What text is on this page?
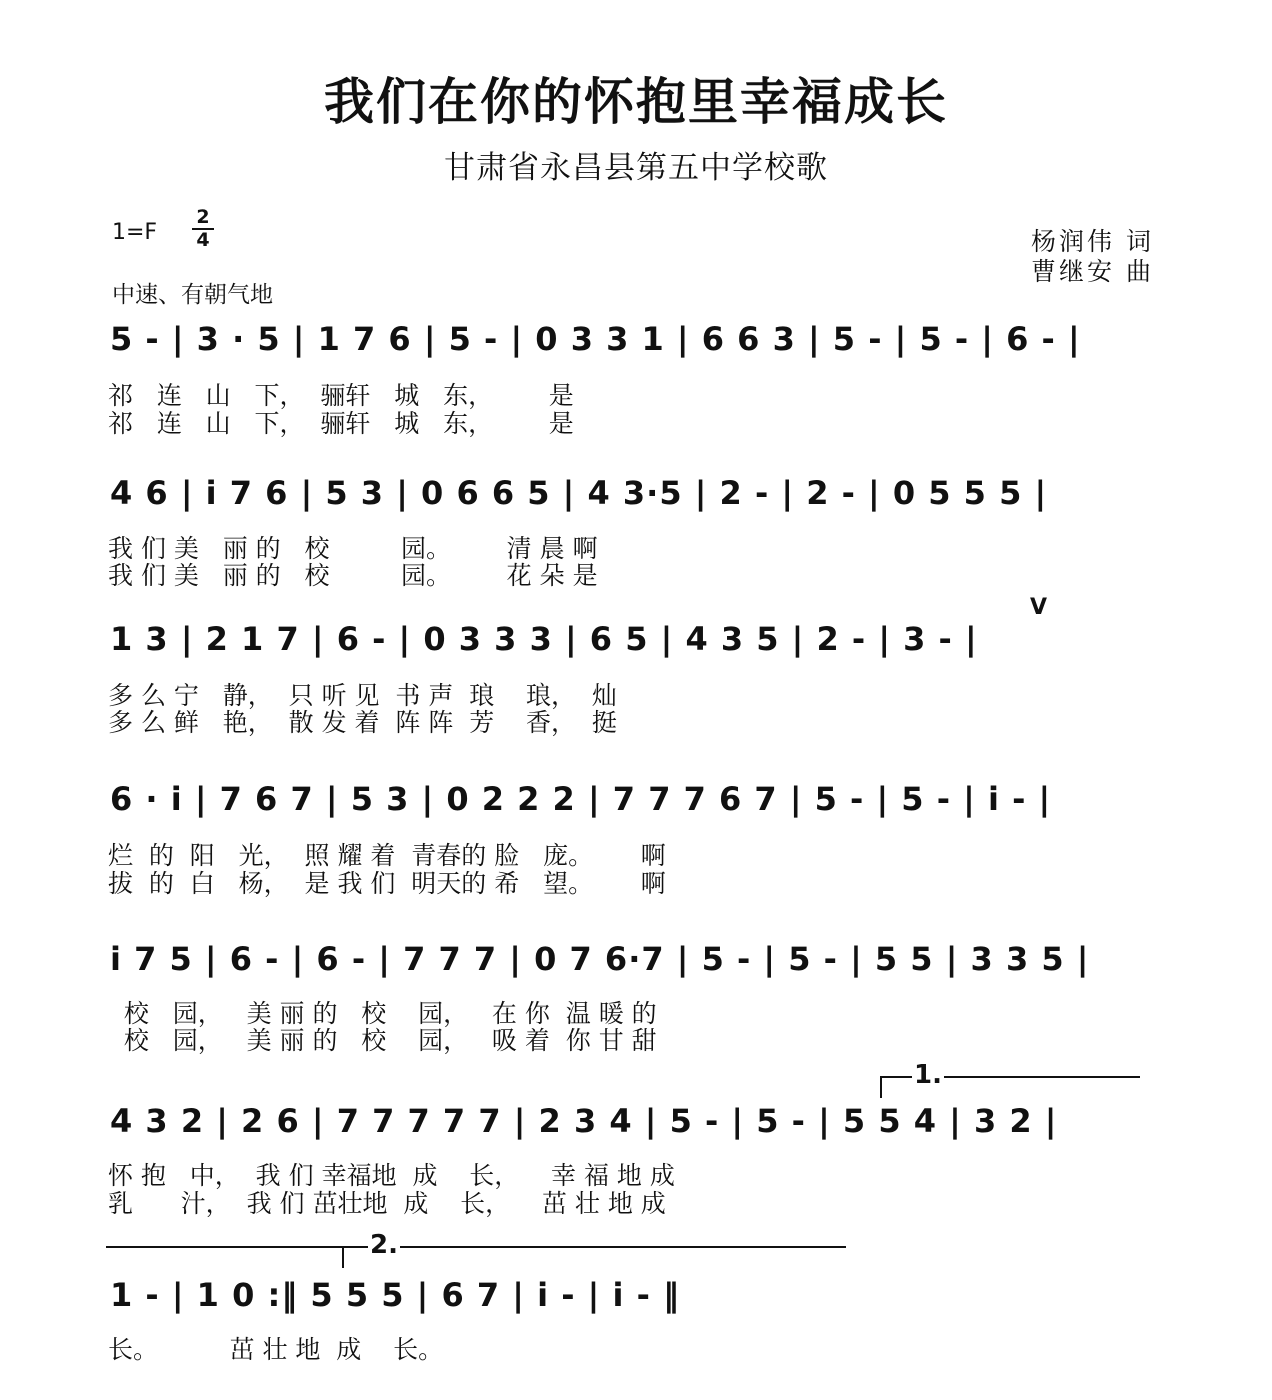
我们在你的怀抱里幸福成长
甘肃省永昌县第五中学校歌
1=F
2
4	杨润伟 词
曹继安 曲
中速、有朝气地
5 - | 3 · 5 | 1 7 6 | 5 - | 0 3 3 1 | 6 6 3 | 5 - | 5 - | 6 - |
祁   连   山   下，  骊轩   城   东，       是
祁   连   山   下，  骊轩   城   东，       是
4 6 | i 7 6 | 5 3 | 0 6 6 5 | 4 3·5 | 2 - | 2 - | 0 5 5 5 |
我 们 美   丽 的   校         园。       清 晨 啊
我 们 美   丽 的   校         园。       花 朵 是
V
1 3 | 2 1 7 | 6 - | 0 3 3 3 | 6 5 | 4 3 5 | 2 - | 3 - |
多 么 宁   静，  只 听 见  书 声  琅    琅，  灿
多 么 鲜   艳，  散 发 着  阵 阵  芳    香，  挺
6 · i | 7 6 7 | 5 3 | 0 2 2 2 | 7 7 7 6 7 | 5 - | 5 - | i - |
烂  的  阳   光，  照 耀 着  青春的 脸   庞。      啊
拔  的  白   杨，  是 我 们  明天的 希   望。      啊
i 7 5 | 6 - | 6 - | 7 7 7 | 0 7 6·7 | 5 - | 5 - | 5 5 | 3 3 5 |
校   园，   美 丽 的   校    园，   在 你  温 暖 的
校   园，   美 丽 的   校    园，   吸 着  你 甘 甜
1.
4 3 2 | 2 6 | 7 7 7 7 7 | 2 3 4 | 5 - | 5 - | 5 5 4 | 3 2 |
怀 抱   中，  我 们 幸福地  成    长，    幸 福 地 成
乳      汁，  我 们 茁壮地  成    长，    茁 壮 地 成
2.
1 - | 1 0 :‖ 5 5 5 | 6 7 | i - | i - ‖
长。         茁 壮 地  成    长。
